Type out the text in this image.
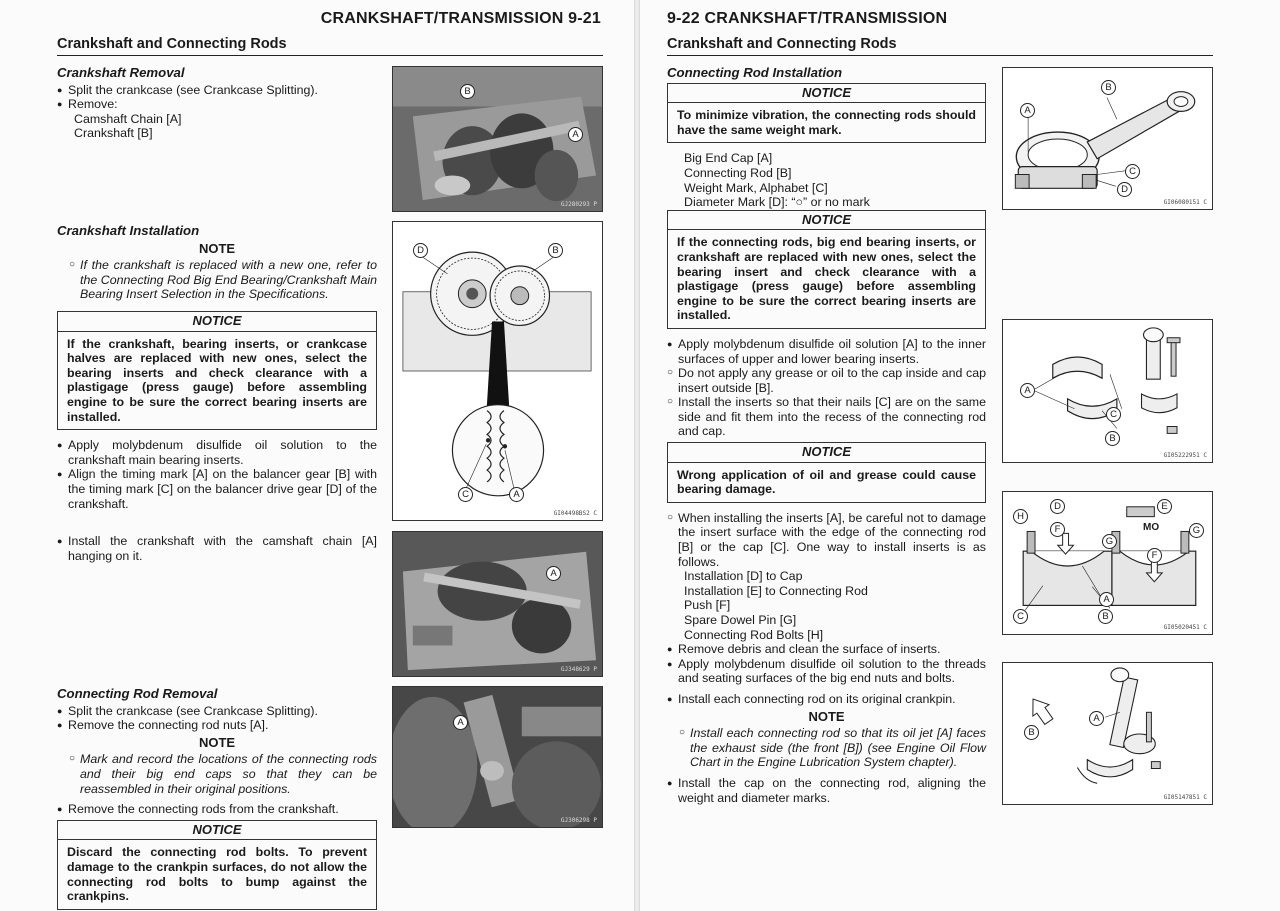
CRANKSHAFT/TRANSMISSION 9-21
Crankshaft and Connecting Rods
Crankshaft Removal
● Split the crankcase (see Crankcase Splitting).
● Remove:
Camshaft Chain [A]
Crankshaft [B]
B
A
GJ280293 P
Crankshaft Installation
NOTE
○ If the crankshaft is replaced with a new one, refer to the Connecting Rod Big End Bearing/Crankshaft Main Bearing Insert Selection in the Specifications.
NOTICE
If the crankshaft, bearing inserts, or crankcase halves are replaced with new ones, select the bearing inserts and check clearance with a plastigage (press gauge) before assembling engine to be sure the correct bearing inserts are installed.
● Apply molybdenum disulfide oil solution to the crankshaft main bearing inserts.
● Align the timing mark [A] on the balancer gear [B] with the timing mark [C] on the balancer drive gear [D] of the crankshaft.
D	B
C	A
GI04498BS2 C
● Install the crankshaft with the camshaft chain [A] hanging on it.
A
GJ348629 P
Connecting Rod Removal
● Split the crankcase (see Crankcase Splitting).
● Remove the connecting rod nuts [A].
NOTE
○ Mark and record the locations of the connecting rods and their big end caps so that they can be reassembled in their original positions.
● Remove the connecting rods from the crankshaft.
NOTICE
Discard the connecting rod bolts. To prevent damage to the crankpin surfaces, do not allow the connecting rod bolts to bump against the crankpins.
A
GJ306298 P
9-22 CRANKSHAFT/TRANSMISSION
Crankshaft and Connecting Rods
Connecting Rod Installation
NOTICE
To minimize vibration, the connecting rods should have the same weight mark.
Big End Cap [A]
Connecting Rod [B]
Weight Mark, Alphabet [C]
Diameter Mark [D]: “○” or no mark
NOTICE
If the connecting rods, big end bearing inserts, or crankshaft are replaced with new ones, select the bearing insert and check clearance with a plastigage (press gauge) before assembling engine to be sure the correct bearing inserts are installed.
● Apply molybdenum disulfide oil solution [A] to the inner surfaces of upper and lower bearing inserts.
○ Do not apply any grease or oil to the cap inside and cap insert outside [B].
○ Install the inserts so that their nails [C] are on the same side and fit them into the recess of the connecting rod and cap.
NOTICE
Wrong application of oil and grease could cause bearing damage.
○ When installing the inserts [A], be careful not to damage the insert surface with the edge of the connecting rod [B] or the cap [C]. One way to install inserts is as follows.
Installation [D] to Cap
Installation [E] to Connecting Rod
Push [F]
Spare Dowel Pin [G]
Connecting Rod Bolts [H]
● Remove debris and clean the surface of inserts.
● Apply molybdenum disulfide oil solution to the threads and seating surfaces of the big end nuts and bolts.
● Install each connecting rod on its original crankpin.
NOTE
○ Install each connecting rod so that its oil jet [A] faces the exhaust side (the front [B]) (see Engine Oil Flow Chart in the Engine Lubrication System chapter).
● Install the cap on the connecting rod, aligning the weight and diameter marks.
A
B
C
D
GI06080151 C
A
B
C
GI05222951 C
D	E
H
F
G
G
F
A
C	B
MO
GI05020451 C
A
B
GI05147851 C
